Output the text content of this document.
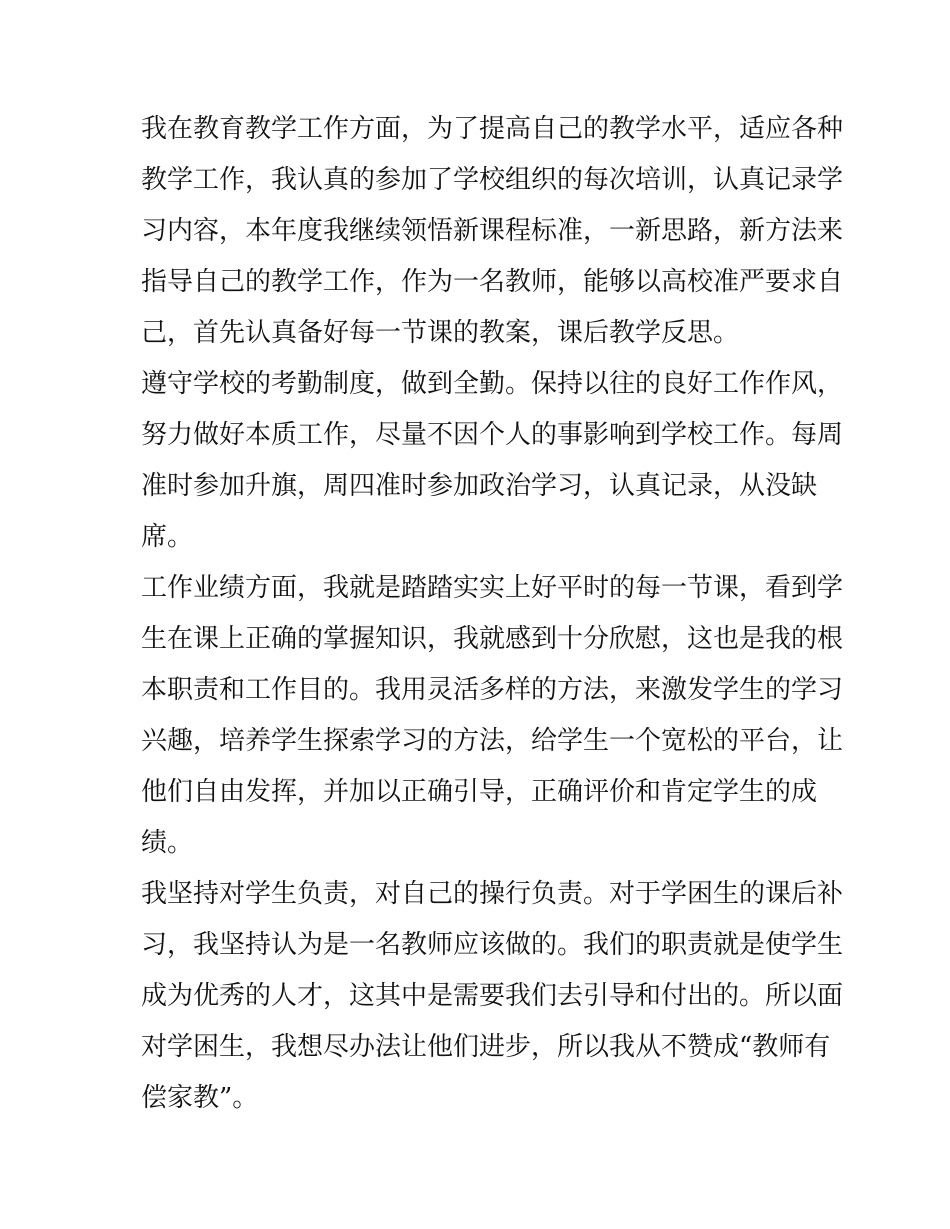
我在教育教学工作方面，为了提高自己的教学水平，适应各种
教学工作，我认真的参加了学校组织的每次培训，认真记录学
习内容，本年度我继续领悟新课程标准，一新思路，新方法来
指导自己的教学工作，作为一名教师，能够以高校准严要求自
己，首先认真备好每一节课的教案，课后教学反思。
遵守学校的考勤制度，做到全勤。保持以往的良好工作作风，
努力做好本质工作，尽量不因个人的事影响到学校工作。每周
准时参加升旗，周四准时参加政治学习，认真记录，从没缺
席。
工作业绩方面，我就是踏踏实实上好平时的每一节课，看到学
生在课上正确的掌握知识，我就感到十分欣慰，这也是我的根
本职责和工作目的。我用灵活多样的方法，来激发学生的学习
兴趣，培养学生探索学习的方法，给学生一个宽松的平台，让
他们自由发挥，并加以正确引导，正确评价和肯定学生的成
绩。
我坚持对学生负责，对自己的操行负责。对于学困生的课后补
习，我坚持认为是一名教师应该做的。我们的职责就是使学生
成为优秀的人才，这其中是需要我们去引导和付出的。所以面
对学困生，我想尽办法让他们进步，所以我从不赞成“教师有
偿家教”。
